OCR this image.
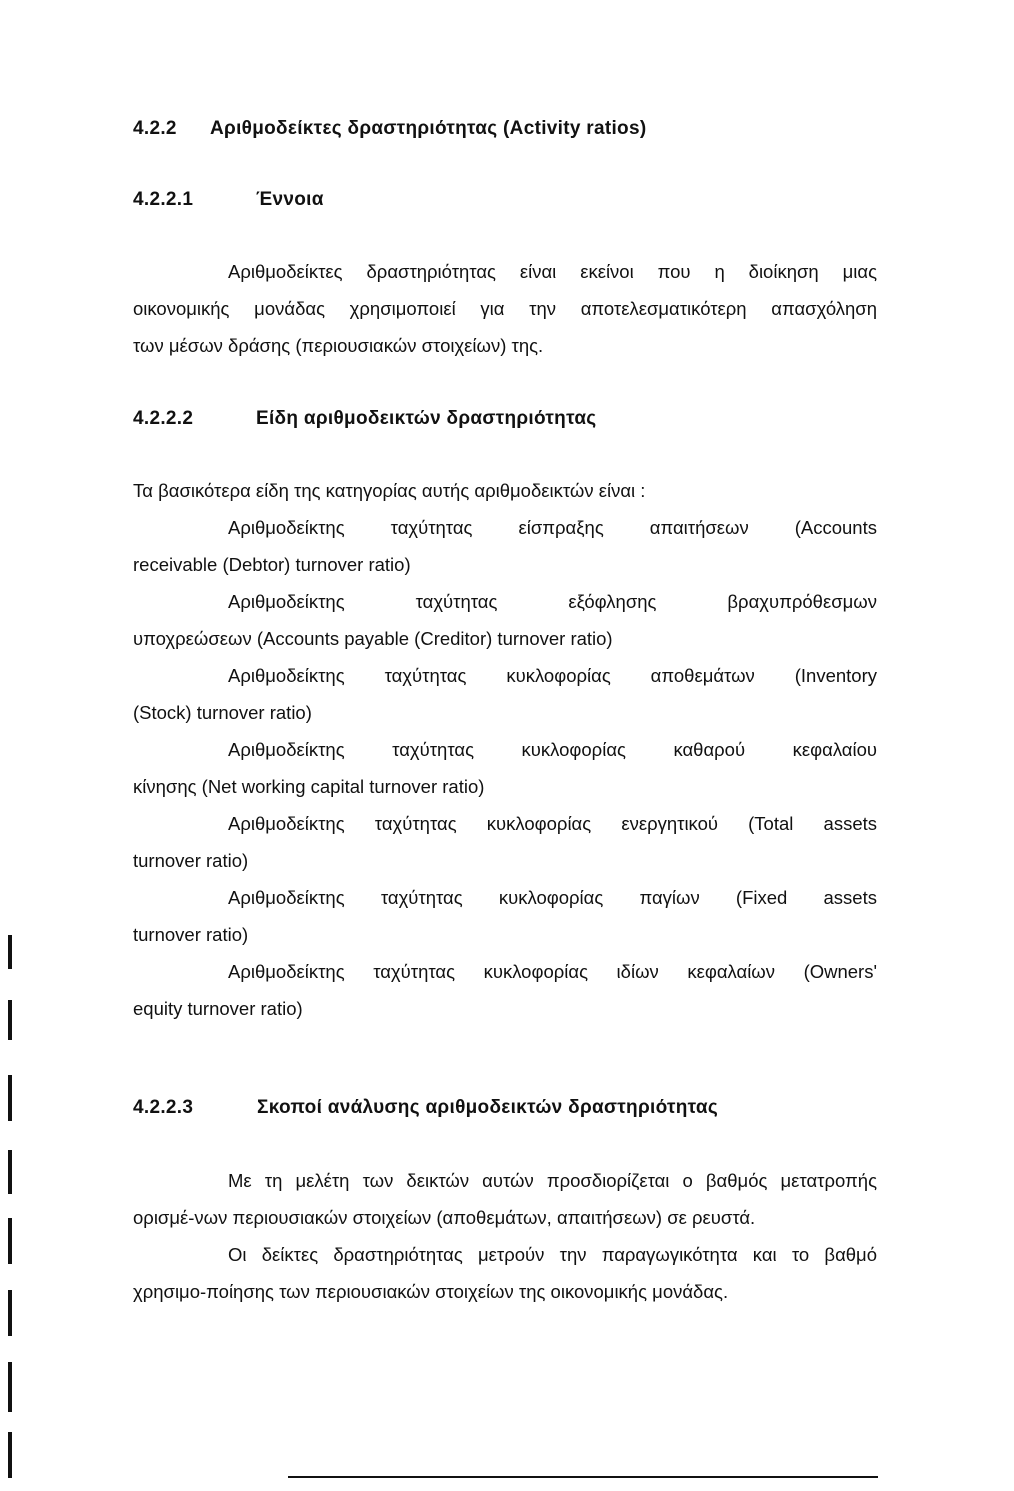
4.2.2 Αριθμοδείκτες δραστηριότητας (Activity ratios)
4.2.2.1	Έννοια
Αριθμοδείκτες δραστηριότητας είναι εκείνοι που η διοίκηση μιας
οικονομικής μονάδας χρησιμοποιεί για την αποτελεσματικότερη απασχόληση
των μέσων δράσης (περιουσιακών στοιχείων) της.
4.2.2.2	Είδη αριθμοδεικτών δραστηριότητας
Τα βασικότερα είδη της κατηγορίας αυτής αριθμοδεικτών είναι :
Αριθμοδείκτης ταχύτητας είσπραξης απαιτήσεων (Accounts
receivable (Debtor) turnover ratio)
Αριθμοδείκτης ταχύτητας εξόφλησης βραχυπρόθεσμων
υποχρεώσεων (Accounts payable (Creditor) turnover ratio)
Αριθμοδείκτης ταχύτητας κυκλοφορίας αποθεμάτων (Inventory
(Stock) turnover ratio)
Αριθμοδείκτης ταχύτητας κυκλοφορίας καθαρού κεφαλαίου
κίνησης (Net working capital turnover ratio)
Αριθμοδείκτης ταχύτητας κυκλοφορίας ενεργητικού (Total assets
turnover ratio)
Αριθμοδείκτης ταχύτητας κυκλοφορίας παγίων (Fixed assets
turnover ratio)
Αριθμοδείκτης ταχύτητας κυκλοφορίας ιδίων κεφαλαίων (Owners'
equity turnover ratio)
4.2.2.3	Σκοποί ανάλυσης αριθμοδεικτών δραστηριότητας
Με τη μελέτη των δεικτών αυτών προσδιορίζεται ο βαθμός μετατροπής
ορισμέ-νων περιουσιακών στοιχείων (αποθεμάτων, απαιτήσεων) σε ρευστά.
Οι δείκτες δραστηριότητας μετρούν την παραγωγικότητα και το βαθμό
χρησιμο-ποίησης των περιουσιακών στοιχείων της οικονομικής μονάδας.
